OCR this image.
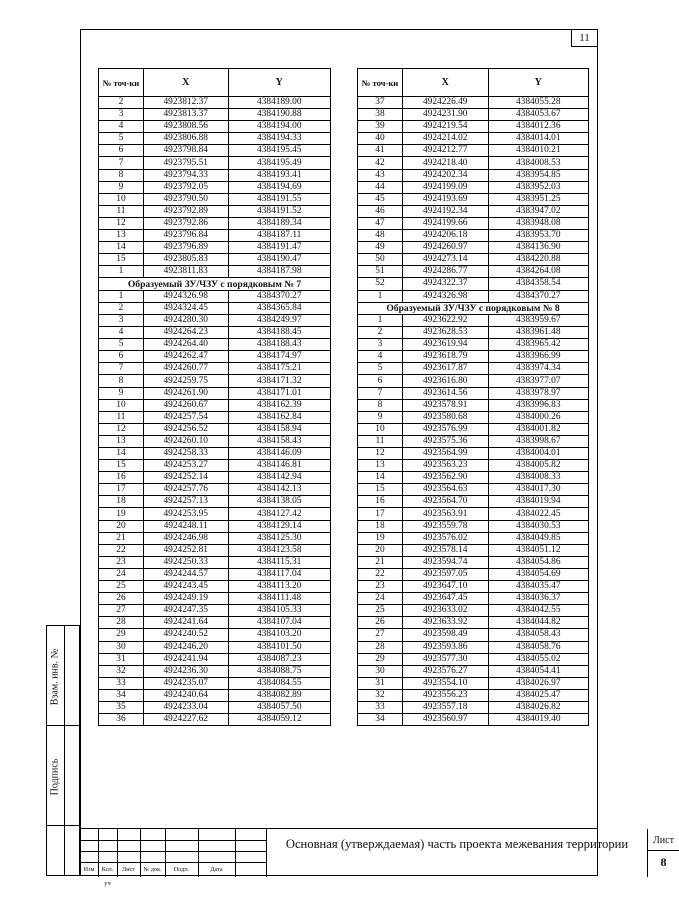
11
№ точ-ки	X	Y
2	4923812.37	4384189.00
3	4923813.37	4384190.88
4	4923808.56	4384194.00
5	4923806.88	4384194.33
6	4923798.84	4384195.45
7	4923795.51	4384195.49
8	4923794.33	4384193.41
9	4923792.05	4384194.69
10	4923790.50	4384191.55
11	4923792.89	4384191.52
12	4923792.86	4384189.34
13	4923796.84	4384187.11
14	4923796.89	4384191.47
15	4923805.83	4384190.47
1	4923811.83	4384187.98
Образуемый ЗУ/ЧЗУ с порядковым № 7		
1	4924326.98	4384370.27
2	4924324.45	4384365.84
3	4924280.30	4384249.97
4	4924264.23	4384188.45
5	4924264.40	4384188.43
6	4924262.47	4384174.97
7	4924260.77	4384175.21
8	4924259.75	4384171.32
9	4924261.90	4384171.01
10	4924260.67	4384162.39
11	4924257.54	4384162.84
12	4924256.52	4384158.94
13	4924260.10	4384158.43
14	4924258.33	4384146.09
15	4924253.27	4384146.81
16	4924252.14	4384142.94
17	4924257.76	4384142.13
18	4924257.13	4384138.05
19	4924253.95	4384127.42
20	4924248.11	4384129.14
21	4924246.98	4384125.30
22	4924252.81	4384123.58
23	4924250.33	4384115.31
24	4924244.57	4384117.04
25	4924243.45	4384113.20
26	4924249.19	4384111.48
27	4924247.35	4384105.33
28	4924241.64	4384107.04
29	4924240.52	4384103.20
30	4924246.20	4384101.50
31	4924241.94	4384087.23
32	4924236.30	4384088.75
33	4924235.07	4384084.55
34	4924240.64	4384082.89
35	4924233.04	4384057.50
36	4924227.62	4384059.12
№ точ-ки	X	Y
37	4924226.49	4384055.28
38	4924231.90	4384053.67
39	4924219.54	4384012.36
40	4924214.02	4384014.01
41	4924212.77	4384010.21
42	4924218.40	4384008.53
43	4924202.34	4383954.85
44	4924199.09	4383952.03
45	4924193.69	4383951.25
46	4924192.34	4383947.02
47	4924199.66	4383948.08
48	4924206.18	4383953.70
49	4924260.97	4384136.90
50	4924273.14	4384220.88
51	4924286.77	4384264.08
52	4924322.37	4384358.54
1	4924326.98	4384370.27
Образуемый ЗУ/ЧЗУ с порядковым № 8		
1	4923622.92	4383959.67
2	4923628.53	4383961.48
3	4923619.94	4383965.42
4	4923618.79	4383966.99
5	4923617.87	4383974.34
6	4923616.80	4383977.07
7	4923614.56	4383978.97
8	4923578.91	4383996.83
9	4923580.68	4384000.26
10	4923576.99	4384001.82
11	4923575.36	4383998.67
12	4923564.99	4384004.01
13	4923563.23	4384005.82
14	4923562.90	4384008.33
15	4923564.63	4384017.30
16	4923564.70	4384019.94
17	4923563.91	4384022.45
18	4923559.78	4384030.53
19	4923576.02	4384049.85
20	4923578.14	4384051.12
21	4923594.74	4384054.86
22	4923597.05	4384054.69
23	4923647.10	4384035.47
24	4923647.45	4384036.37
25	4923633.02	4384042.55
26	4923633.92	4384044.82
27	4923598.49	4384058.43
28	4923593.86	4384058.76
29	4923577.30	4384055.02
30	4923576.27	4384054.41
31	4923554.10	4384026.97
32	4923556.23	4384025.47
33	4923557.18	4384026.82
34	4923560.97	4384019.40
Взам. инв. №
Подпись
Изм	Кол. уч
Лист	№ док.	Подп.	Дата
Основная (утверждаемая) часть проекта межевания территории	Лист
8
